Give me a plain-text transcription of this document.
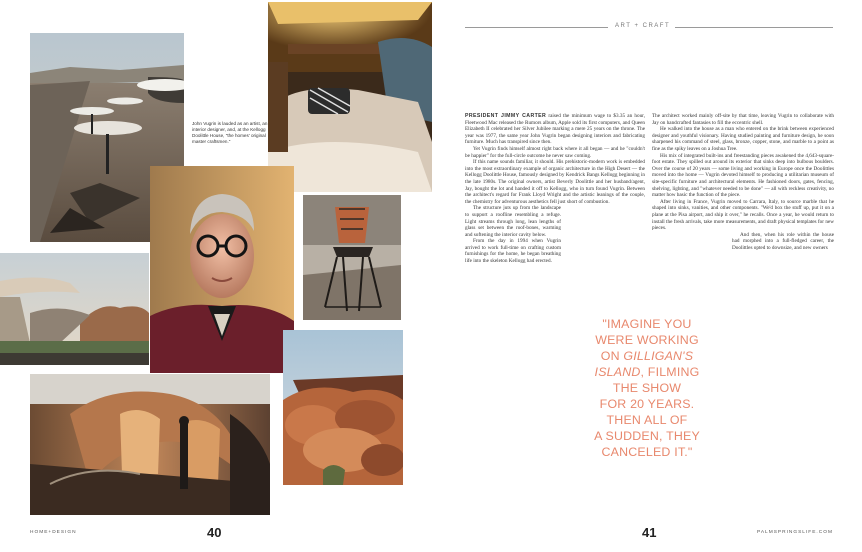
John Vugrin is lauded as an artist, an interior designer, and, at the Kellogg Doolittle House, "the homes' original master craftsmen."
ART + CRAFT

PRESIDENT JIMMY CARTER raised the minimum wage to $3.35 an hour, Fleetwood Mac released the Rumors album, Apple sold its first computers, and Queen Elizabeth II celebrated her Silver Jubilee marking a mere 25 years on the throne. The year was 1977, the same year John Vugrin began designing interiors and fabricating furniture. Much has transpired since then.

Yet Vugrin finds himself almost right back where it all began — and he "couldn't be happier" for the full-circle outcome he never saw coming.

If this name sounds familiar, it should. His prehistoric-modern work is embedded into the most extraordinary example of organic architecture in the High Desert — the Kellogg Doolittle House, famously designed by Kendrick Bangs Kellogg beginning in the late 1980s. The original owners, artist Beverly Doolittle and her husband/agent, Jay, bought the lot and handed it off to Kellogg, who in turn found Vugrin. Between the architect's regard for Frank Lloyd Wright and the artistic leanings of the couple, the chemistry for adventurous aesthetics fell just short of combustion.

The structure juts up from the landscape to support a roofline resembling a refuge. Light streams through long, lean lengths of glass set between the roof-bones, warming and softening the interior cavity below.

From the day in 1994 when Vugrin arrived to work full-time on crafting custom furnishings for the home, he began breathing life into the skeleton Kellogg had erected.

The architect worked mainly off-site by that time, leaving Vugrin to collaborate with Jay on handcrafted fantasies to fill the eccentric shell.

He walked into the house as a man who entered on the brink between experienced designer and youthful visionary. Having studied painting and furniture design, he soon sharpened his command of steel, glass, bronze, copper, stone, and marble to a point as fine as the spiky leaves on a Joshua Tree.

His mix of integrated built-ins and freestanding pieces awakened the 4,643-square-foot estate. They spilled out around its exterior that sinks deep into bulbous boulders. Over the course of 20 years — some living and working in Europe once the Doolittles moved into the home — Vugrin devoted himself to producing a utilitarian museum of site-specific furniture and architectural elements. He fashioned doors, gates, fencing, shelving, lighting, and "whatever needed to be done" — all with reckless creativity, no matter how basic the function of the piece.

After living in France, Vugrin moved to Carrara, Italy, to source marble that he shaped into sinks, vanities, and other components. "We'd box the stuff up, put it on a plane at the Pisa airport, and ship it over," he recalls. Once a year, he would return to install the fresh arrivals, take more measurements, and draft physical templates for new pieces.

And then, when his role within the house had morphed into a full-fledged career, the Doolittles opted to downsize, and new owners

"IMAGINE YOU
WERE WORKING
ON GILLIGAN'S
ISLAND, FILMING
THE SHOW
FOR 20 YEARS.
THEN ALL OF
A SUDDEN, THEY
CANCELED IT."
HOME+DESIGN	40	41	PALMSPRINGSLIFE.COM
